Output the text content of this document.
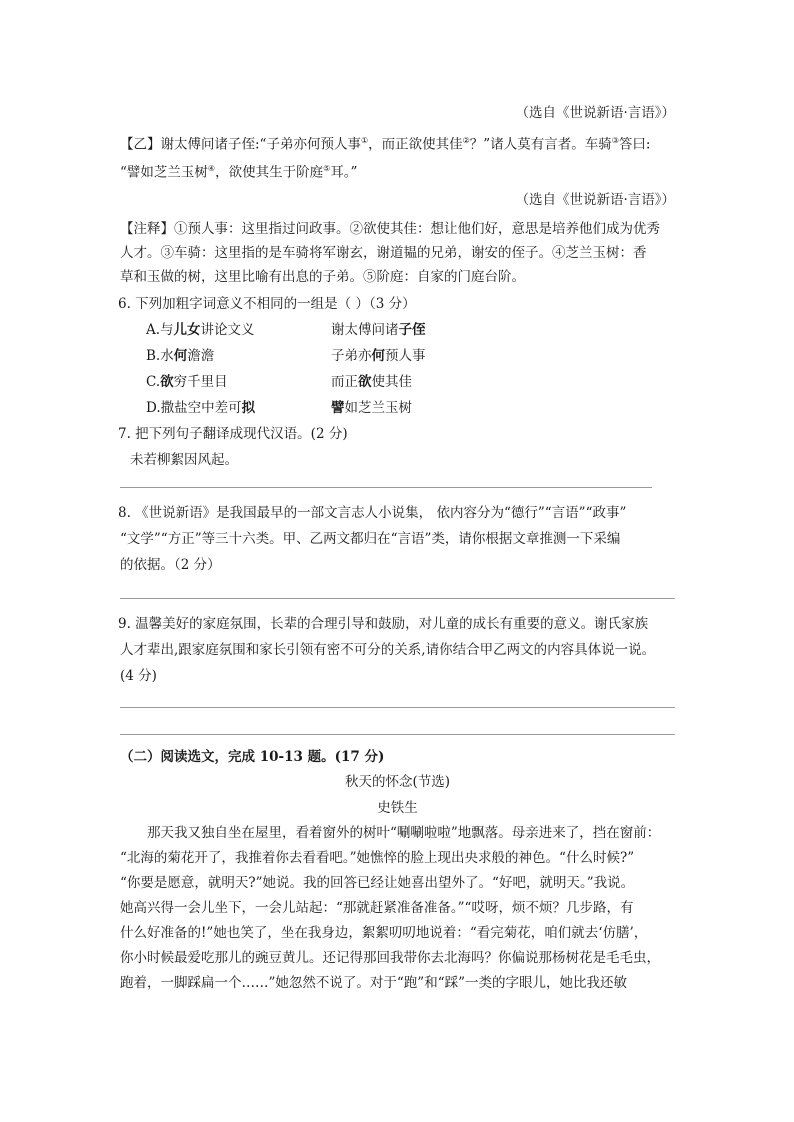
（选自《世说新语·言语》）
【乙】谢太傅问诸子侄:“子弟亦何预人事①，而正欲使其佳②？”诸人莫有言者。车骑③答曰:
“譬如芝兰玉树④，欲使其生于阶庭⑤耳。”
（选自《世说新语·言语》）
【注释】①预人事：这里指过问政事。②欲使其佳：想让他们好，意思是培养他们成为优秀
人才。③车骑：这里指的是车骑将军谢玄，谢道韫的兄弟，谢安的侄子。④芝兰玉树：香
草和玉做的树，这里比喻有出息的子弟。⑤阶庭：自家的门庭台阶。
6. 下列加粗字词意义不相同的一组是（ ）（3 分）
A.与儿女讲论文义	谢太傅问诸子侄
B.水何澹澹	子弟亦何预人事
C.欲穷千里目	而正欲使其佳
D.撒盐空中差可拟	譬如芝兰玉树
7. 把下列句子翻译成现代汉语。(2 分)
未若柳絮因风起。
8. 《世说新语》是我国最早的一部文言志人小说集， 依内容分为“德行”“言语”“政事”
“文学”“方正”等三十六类。甲、乙两文都归在“言语”类，请你根据文章推测一下采编
的依据。（2 分）
9. 温馨美好的家庭氛围，长辈的合理引导和鼓励，对儿童的成长有重要的意义。谢氏家族
人才辈出,跟家庭氛围和家长引领有密不可分的关系,请你结合甲乙两文的内容具体说一说。
(4 分)
（二）阅读选文，完成 10-13 题。(17 分)
秋天的怀念(节选)
史铁生
那天我又独自坐在屋里，看着窗外的树叶“唰唰啦啦”地飘落。母亲进来了，挡在窗前：
“北海的菊花开了，我推着你去看看吧。”她憔悴的脸上现出央求般的神色。“什么时候?”
“你要是愿意，就明天?”她说。我的回答已经让她喜出望外了。“好吧，就明天。”我说。
她高兴得一会儿坐下，一会儿站起：“那就赶紧准备准备。”“哎呀，烦不烦？几步路，有
什么好准备的!”她也笑了，坐在我身边，絮絮叨叨地说着：“看完菊花，咱们就去‘仿膳’，
你小时候最爱吃那儿的豌豆黄儿。还记得那回我带你去北海吗？你偏说那杨树花是毛毛虫，
跑着，一脚踩扁一个……”她忽然不说了。对于“跑”和“踩”一类的字眼儿，她比我还敏
